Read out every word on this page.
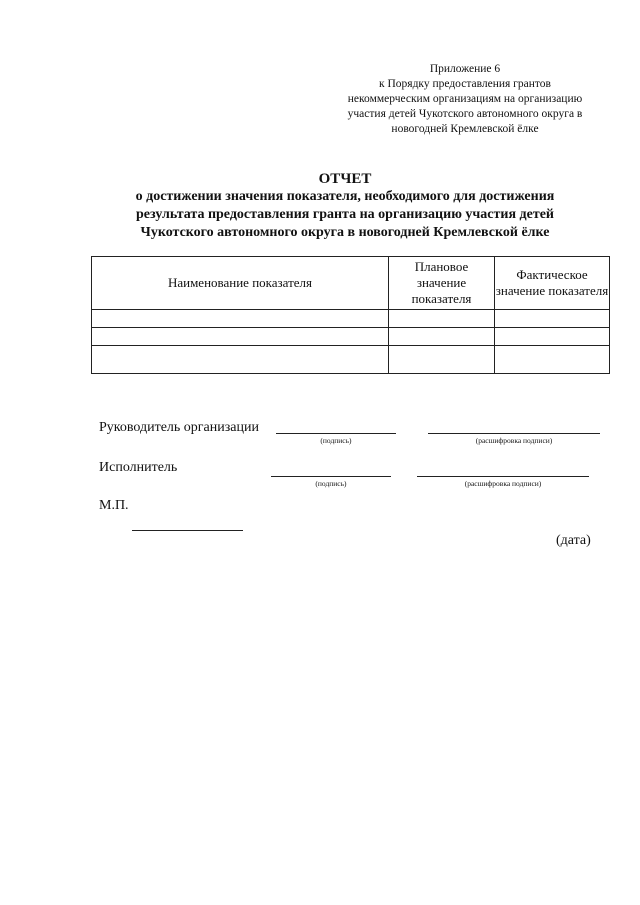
Приложение 6
к Порядку предоставления грантов
некоммерческим организациям на организацию
участия детей Чукотского автономного округа в
новогодней Кремлевской ёлке
ОТЧЕТ
о достижении значения показателя, необходимого для достижения
результата предоставления гранта на организацию участия детей
Чукотского автономного округа в новогодней Кремлевской ёлке
Наименование показателя	Плановое значение показателя	Фактическое значение показателя

Руководитель организации
(подпись)	(расшифровка подписи)
Исполнитель
(подпись)	(расшифровка подписи)
М.П.
(дата)
